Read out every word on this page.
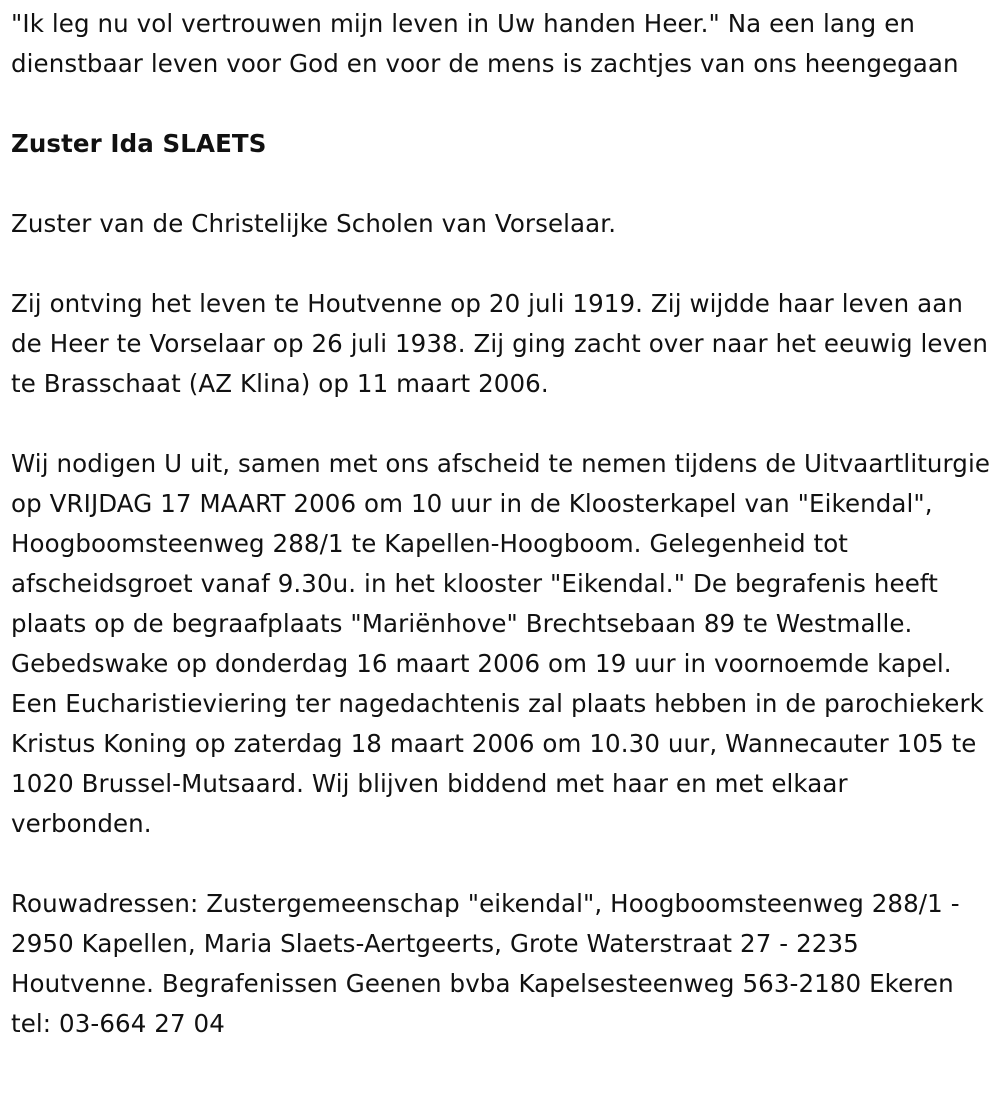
"Ik leg nu vol vertrouwen mijn leven in Uw handen Heer." Na een lang en dienstbaar leven voor God en voor de mens is zachtjes van ons heengegaan

Zuster Ida SLAETS

Zuster van de Christelijke Scholen van Vorselaar.

Zij ontving het leven te Houtvenne op 20 juli 1919. Zij wijdde haar leven aan de Heer te Vorselaar op 26 juli 1938. Zij ging zacht over naar het eeuwig leven te Brasschaat (AZ Klina) op 11 maart 2006.

Wij nodigen U uit, samen met ons afscheid te nemen tijdens de Uitvaartliturgie op VRIJDAG 17 MAART 2006 om 10 uur in de Kloosterkapel van "Eikendal", Hoogboomsteenweg 288/1 te Kapellen-Hoogboom. Gelegenheid tot afscheidsgroet vanaf 9.30u. in het klooster "Eikendal." De begrafenis heeft plaats op de begraafplaats "Mariënhove" Brechtsebaan 89 te Westmalle. Gebedswake op donderdag 16 maart 2006 om 19 uur in voornoemde kapel. Een Eucharistieviering ter nagedachtenis zal plaats hebben in de parochiekerk Kristus Koning op zaterdag 18 maart 2006 om 10.30 uur, Wannecauter 105 te 1020 Brussel-Mutsaard. Wij blijven biddend met haar en met elkaar verbonden.

Rouwadressen: Zustergemeenschap "eikendal", Hoogboomsteenweg 288/1 - 2950 Kapellen, Maria Slaets-Aertgeerts, Grote Waterstraat 27 - 2235 Houtvenne. Begrafenissen Geenen bvba Kapelsesteenweg 563-2180 Ekeren tel: 03-664 27 04
